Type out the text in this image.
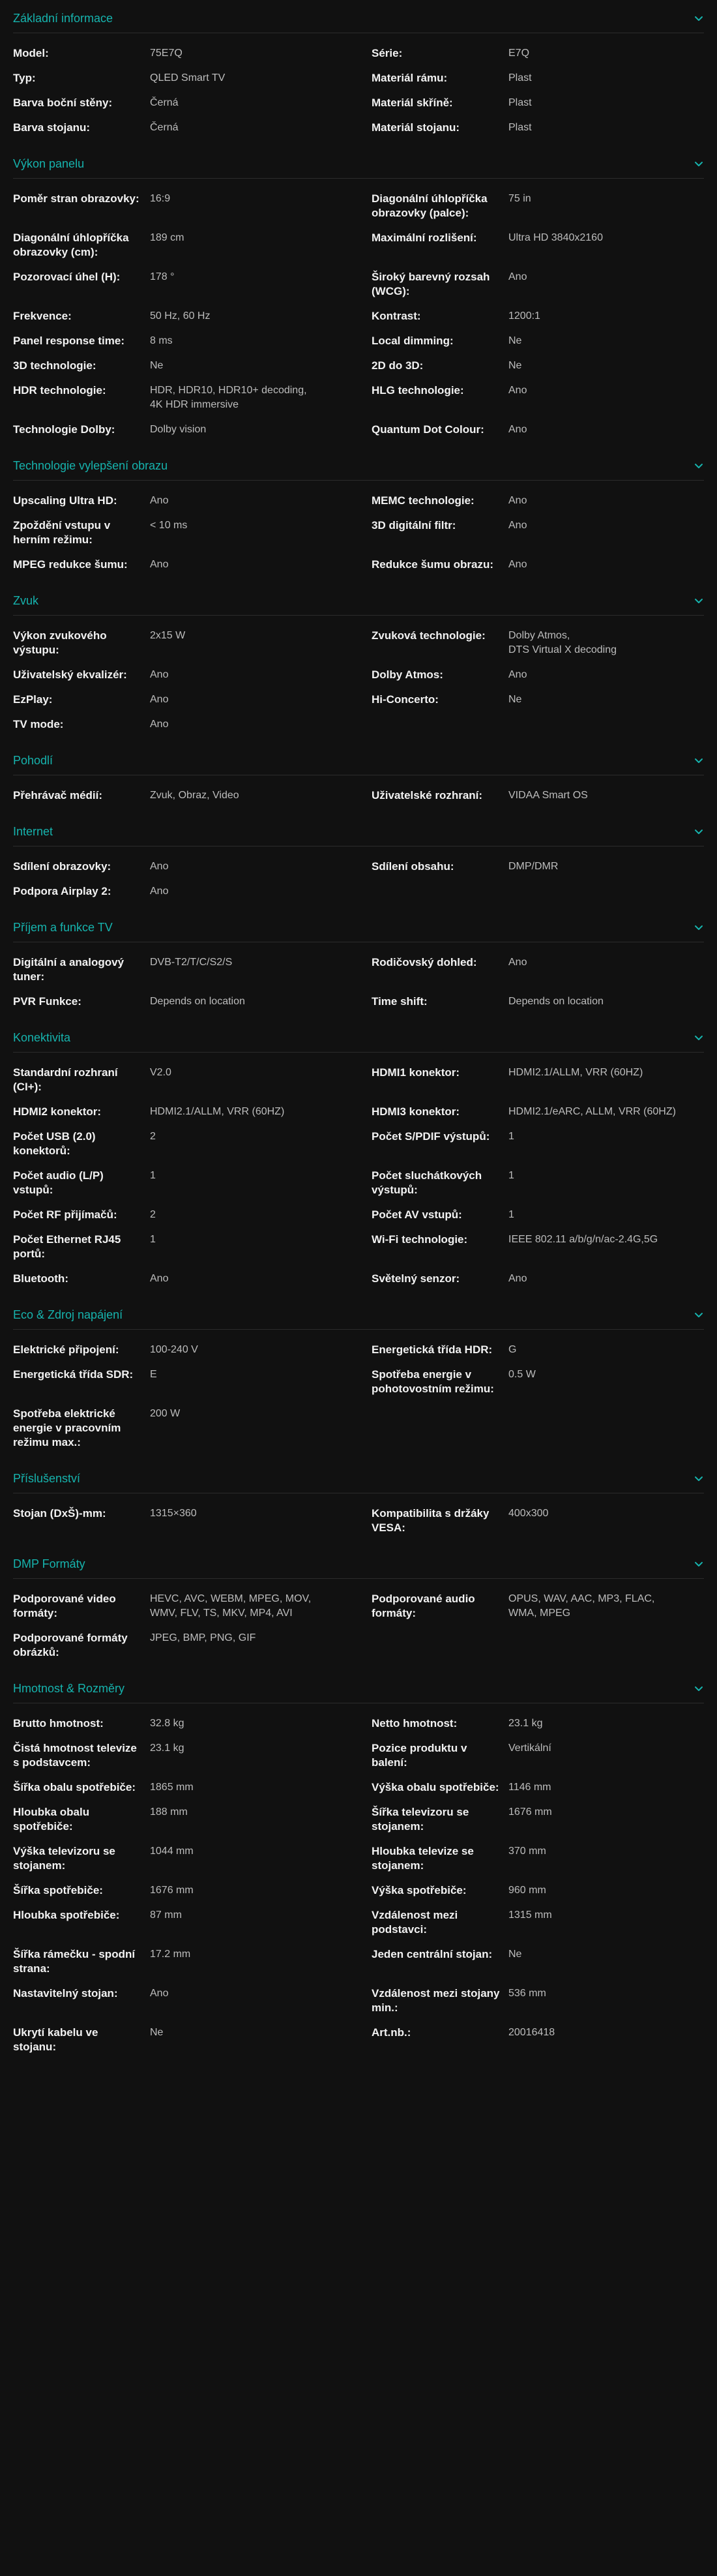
Základní informace
Model:	75E7Q	Série:	E7Q
Typ:	QLED Smart TV	Materiál rámu:	Plast
Barva boční stěny:	Černá	Materiál skříně:	Plast
Barva stojanu:	Černá	Materiál stojanu:	Plast
Výkon panelu
Poměr stran obrazovky:	16:9	Diagonální úhlopříčka obrazovky (palce):
75 in
Diagonální úhlopříčka obrazovky (cm):
189 cm	Maximální rozlišení:	Ultra HD 3840x2160
Pozorovací úhel (H):	178 °	Široký barevný rozsah (WCG):
Ano
Frekvence:	50 Hz, 60 Hz	Kontrast:	1200:1
Panel response time:	8 ms	Local dimming:	Ne
3D technologie:	Ne	2D do 3D:	Ne
HDR technologie:	HDR, HDR10, HDR10+ decoding,
4K HDR immersive
HLG technologie:	Ano
Technologie Dolby:	Dolby vision	Quantum Dot Colour:	Ano
Technologie vylepšení obrazu
Upscaling Ultra HD:	Ano	MEMC technologie:	Ano
Zpoždění vstupu v herním režimu:
< 10 ms	3D digitální filtr:	Ano
MPEG redukce šumu:	Ano	Redukce šumu obrazu:	Ano
Zvuk
Výkon zvukového výstupu:
2x15 W	Zvuková technologie:	Dolby Atmos,
DTS Virtual X decoding
Uživatelský ekvalizér:	Ano	Dolby Atmos:	Ano
EzPlay:	Ano	Hi-Concerto:	Ne
TV mode:	Ano
Pohodlí
Přehrávač médií:	Zvuk, Obraz, Video	Uživatelské rozhraní:	VIDAA Smart OS
Internet
Sdílení obrazovky:	Ano	Sdílení obsahu:	DMP/DMR
Podpora Airplay 2:	Ano
Příjem a funkce TV
Digitální a analogový tuner:
DVB-T2/T/C/S2/S	Rodičovský dohled:	Ano
PVR Funkce:	Depends on location	Time shift:	Depends on location
Konektivita
Standardní rozhraní (CI+):
V2.0	HDMI1 konektor:	HDMI2.1/ALLM, VRR (60HZ)
HDMI2 konektor:	HDMI2.1/ALLM, VRR (60HZ)	HDMI3 konektor:	HDMI2.1/eARC, ALLM, VRR (60HZ)
Počet USB (2.0) konektorů:
2	Počet S/PDIF výstupů:	1
Počet audio (L/P) vstupů:
1	Počet sluchátkových výstupů:
1
Počet RF přijímačů:	2	Počet AV vstupů:	1
Počet Ethernet RJ45 portů:
1	Wi-Fi technologie:	IEEE 802.11 a/b/g/n/ac-2.4G,5G
Bluetooth:	Ano	Světelný senzor:	Ano
Eco & Zdroj napájení
Elektrické připojení:	100-240 V	Energetická třída HDR:	G
Energetická třída SDR:	E	Spotřeba energie v pohotovostním režimu:
0.5 W
Spotřeba elektrické energie v pracovním režimu max.:
200 W
Příslušenství
Stojan (DxŠ)-mm:	1315×360	Kompatibilita s držáky VESA:
400x300
DMP Formáty
Podporované video formáty:
HEVC, AVC, WEBM, MPEG, MOV,
WMV, FLV, TS, MKV, MP4, AVI
Podporované audio formáty:
OPUS, WAV, AAC, MP3, FLAC,
WMA, MPEG
Podporované formáty obrázků:
JPEG, BMP, PNG, GIF
Hmotnost & Rozměry
Brutto hmotnost:	32.8 kg	Netto hmotnost:	23.1 kg
Čistá hmotnost televize s podstavcem:
23.1 kg	Pozice produktu v balení:
Vertikální
Šířka obalu spotřebiče:	1865 mm	Výška obalu spotřebiče: 1146 mm
Hloubka obalu spotřebiče:
188 mm	Šířka televizoru se stojanem:
1676 mm
Výška televizoru se stojanem:
1044 mm	Hloubka televize se stojanem:
370 mm
Šířka spotřebiče:	1676 mm	Výška spotřebiče:	960 mm
Hloubka spotřebiče:	87 mm	Vzdálenost mezi podstavci:
1315 mm
Šířka rámečku - spodní strana:
17.2 mm	Jeden centrální stojan:	Ne
Nastavitelný stojan:	Ano	Vzdálenost mezi stojany min.:
536 mm
Ukrytí kabelu ve stojanu:
Ne	Art.nb.:	20016418
